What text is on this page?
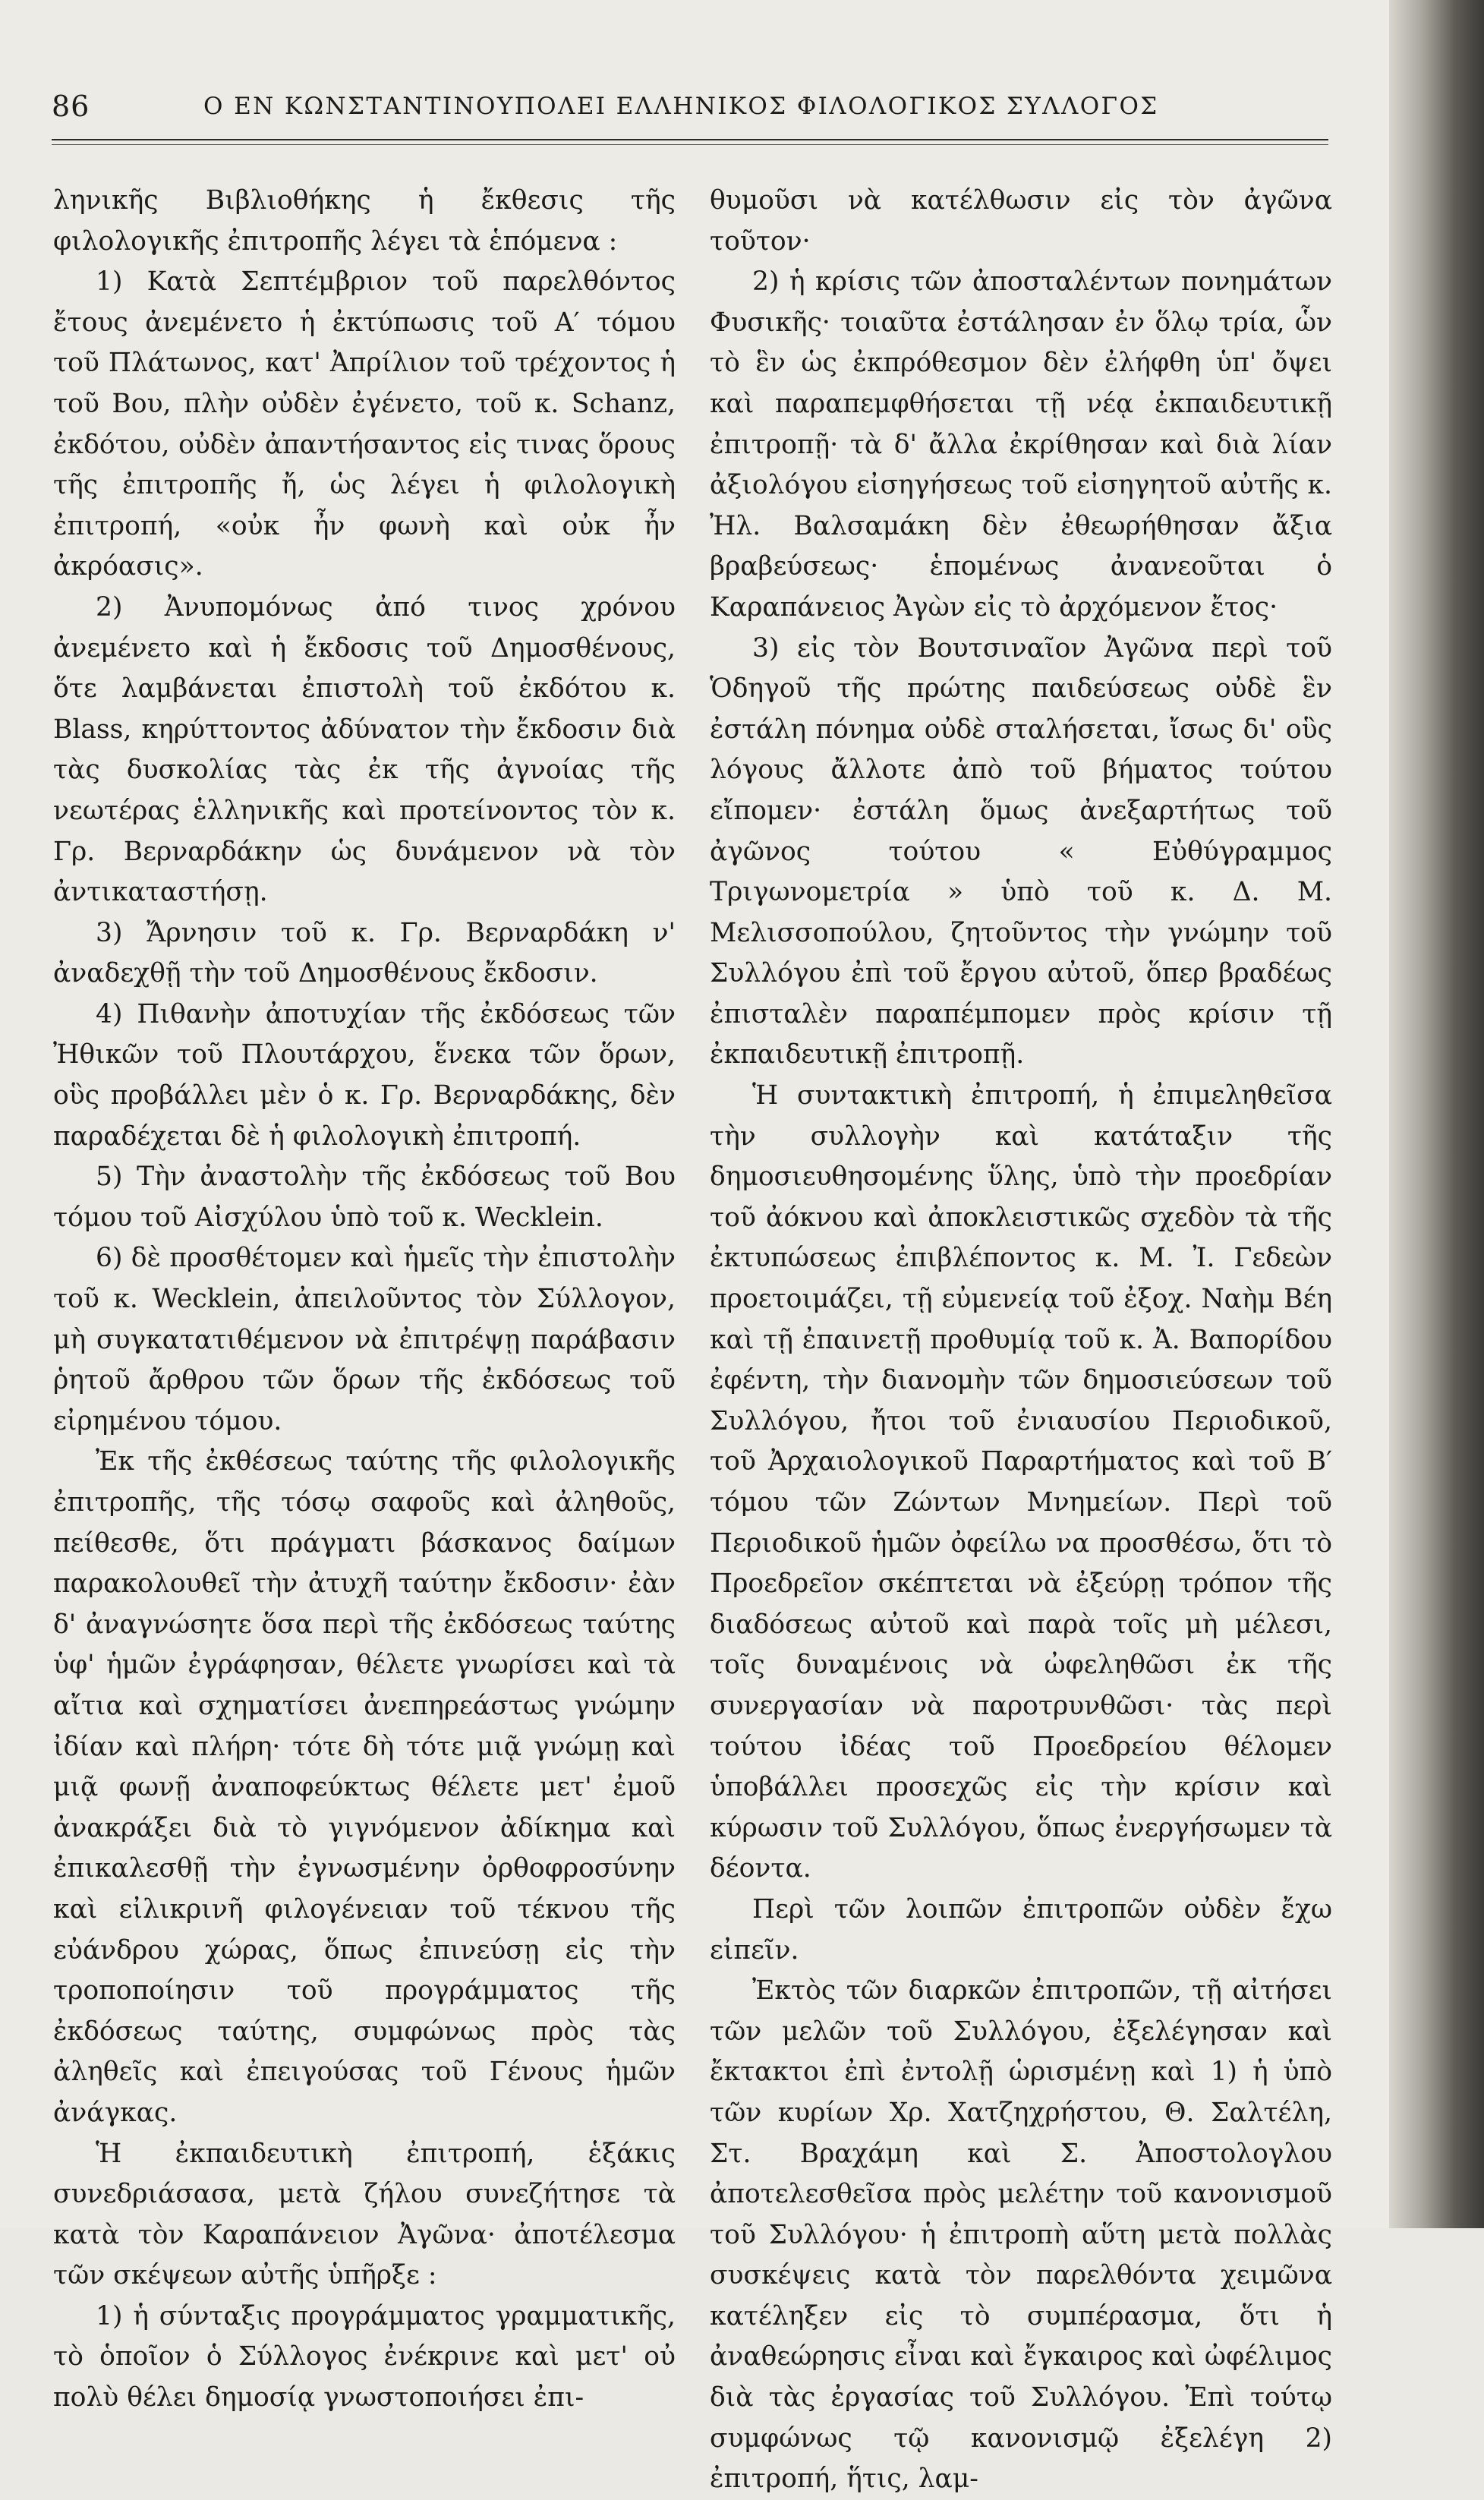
86	Ο ΕΝ ΚΩΝΣΤΑΝΤΙΝΟΥΠΟΛΕΙ ΕΛΛΗΝΙΚΟΣ ΦΙΛΟΛΟΓΙΚΟΣ ΣΥΛΛΟΓΟΣ

ληνικῆς Βιβλιοθήκης ἡ ἔκθεσις τῆς φιλολογικῆς ἐπιτροπῆς λέγει τὰ ἑπόμενα :

1) Κατὰ Σεπτέμβριον τοῦ παρελθόντος ἔτους ἀνεμένετο ἡ ἐκτύπωσις τοῦ Α′ τόμου τοῦ Πλάτωνος, κατ' Ἀπρίλιον τοῦ τρέχοντος ἡ τοῦ Βου, πλὴν οὐδὲν ἐγένετο, τοῦ κ. Schanz, ἐκδότου, οὐδὲν ἀπαντήσαντος εἰς τινας ὅρους τῆς ἐπιτροπῆς ἤ, ὡς λέγει ἡ φιλολογικὴ ἐπιτροπή, «οὐκ ἦν φωνὴ καὶ οὐκ ἦν ἀκρόασις».

2) Ἀνυπομόνως ἀπό τινος χρόνου ἀνεμένετο καὶ ἡ ἔκδοσις τοῦ Δημοσθένους, ὅτε λαμβάνεται ἐπιστολὴ τοῦ ἐκδότου κ. Blass, κηρύττοντος ἀδύνατον τὴν ἔκδοσιν διὰ τὰς δυσκολίας τὰς ἐκ τῆς ἀγνοίας τῆς νεωτέρας ἑλληνικῆς καὶ προτείνοντος τὸν κ. Γρ. Βερναρδάκην ὡς δυνάμενον νὰ τὸν ἀντικαταστήσῃ.

3) Ἄρνησιν τοῦ κ. Γρ. Βερναρδάκη ν' ἀναδεχθῇ τὴν τοῦ Δημοσθένους ἔκδοσιν.

4) Πιθανὴν ἀποτυχίαν τῆς ἐκδόσεως τῶν Ἠθικῶν τοῦ Πλουτάρχου, ἕνεκα τῶν ὅρων, οὓς προβάλλει μὲν ὁ κ. Γρ. Βερναρδάκης, δὲν παραδέχεται δὲ ἡ φιλολογικὴ ἐπιτροπή.

5) Τὴν ἀναστολὴν τῆς ἐκδόσεως τοῦ Βου τόμου τοῦ Αἰσχύλου ὑπὸ τοῦ κ. Wecklein.

6) δὲ προσθέτομεν καὶ ἡμεῖς τὴν ἐπιστολὴν τοῦ κ. Wecklein, ἀπειλοῦντος τὸν Σύλλογον, μὴ συγκατατιθέμενον νὰ ἐπιτρέψῃ παράβασιν ῥητοῦ ἄρθρου τῶν ὅρων τῆς ἐκδόσεως τοῦ εἰρημένου τόμου.

Ἐκ τῆς ἐκθέσεως ταύτης τῆς φιλολογικῆς ἐπιτροπῆς, τῆς τόσῳ σαφοῦς καὶ ἀληθοῦς, πείθεσθε, ὅτι πράγματι βάσκανος δαίμων παρακολουθεῖ τὴν ἀτυχῆ ταύτην ἔκδοσιν· ἐὰν δ' ἀναγνώσητε ὅσα περὶ τῆς ἐκδόσεως ταύτης ὑφ' ἡμῶν ἐγράφησαν, θέλετε γνωρίσει καὶ τὰ αἴτια καὶ σχηματίσει ἀνεπηρεάστως γνώμην ἰδίαν καὶ πλήρη· τότε δὴ τότε μιᾷ γνώμῃ καὶ μιᾷ φωνῇ ἀναποφεύκτως θέλετε μετ' ἐμοῦ ἀνακράξει διὰ τὸ γιγνόμενον ἀδίκημα καὶ ἐπικαλεσθῇ τὴν ἐγνωσμένην ὀρθοφροσύνην καὶ εἰλικρινῆ φιλογένειαν τοῦ τέκνου τῆς εὐάνδρου χώρας, ὅπως ἐπινεύσῃ εἰς τὴν τροποποίησιν τοῦ προγράμματος τῆς ἐκδόσεως ταύτης, συμφώνως πρὸς τὰς ἀληθεῖς καὶ ἐπειγούσας τοῦ Γένους ἡμῶν ἀνάγκας.

Ἡ ἐκπαιδευτικὴ ἐπιτροπή, ἑξάκις συνεδριάσασα, μετὰ ζήλου συνεζήτησε τὰ κατὰ τὸν Καραπάνειον Ἀγῶνα· ἀποτέλεσμα τῶν σκέψεων αὐτῆς ὑπῆρξε :

1) ἡ σύνταξις προγράμματος γραμματικῆς, τὸ ὁποῖον ὁ Σύλλογος ἐνέκρινε καὶ μετ' οὐ πολὺ θέλει δημοσίᾳ γνωστοποιήσει ἐπι-

θυμοῦσι νὰ κατέλθωσιν εἰς τὸν ἀγῶνα τοῦτον·

2) ἡ κρίσις τῶν ἀποσταλέντων πονημάτων Φυσικῆς· τοιαῦτα ἐστάλησαν ἐν ὅλῳ τρία, ὧν τὸ ἓν ὡς ἐκπρόθεσμον δὲν ἐλήφθη ὑπ' ὄψει καὶ παραπεμφθήσεται τῇ νέᾳ ἐκπαιδευτικῇ ἐπιτροπῇ· τὰ δ' ἄλλα ἐκρίθησαν καὶ διὰ λίαν ἀξιολόγου εἰσηγήσεως τοῦ εἰσηγητοῦ αὐτῆς κ. Ἠλ. Βαλσαμάκη δὲν ἐθεωρήθησαν ἄξια βραβεύσεως· ἑπομένως ἀνανεοῦται ὁ Καραπάνειος Ἀγὼν εἰς τὸ ἀρχόμενον ἔτος·

3) εἰς τὸν Βουτσιναῖον Ἀγῶνα περὶ τοῦ Ὁδηγοῦ τῆς πρώτης παιδεύσεως οὐδὲ ἓν ἐστάλη πόνημα οὐδὲ σταλήσεται, ἴσως δι' οὓς λόγους ἄλλοτε ἀπὸ τοῦ βήματος τούτου εἴπομεν· ἐστάλη ὅμως ἀνεξαρτήτως τοῦ ἀγῶνος τούτου « Εὐθύγραμμος Τριγωνομετρία » ὑπὸ τοῦ κ. Δ. Μ. Μελισσοπούλου, ζητοῦντος τὴν γνώμην τοῦ Συλλόγου ἐπὶ τοῦ ἔργου αὐτοῦ, ὅπερ βραδέως ἐπισταλὲν παραπέμπομεν πρὸς κρίσιν τῇ ἐκπαιδευτικῇ ἐπιτροπῇ.

Ἡ συντακτικὴ ἐπιτροπή, ἡ ἐπιμεληθεῖσα τὴν συλλογὴν καὶ κατάταξιν τῆς δημοσιευθησομένης ὕλης, ὑπὸ τὴν προεδρίαν τοῦ ἀόκνου καὶ ἀποκλειστικῶς σχεδὸν τὰ τῆς ἐκτυπώσεως ἐπιβλέποντος κ. Μ. Ἰ. Γεδεὼν προετοιμάζει, τῇ εὐμενείᾳ τοῦ ἐξοχ. Ναὴμ Βέη καὶ τῇ ἐπαινετῇ προθυμίᾳ τοῦ κ. Ἀ. Βαπορίδου ἐφέντη, τὴν διανομὴν τῶν δημοσιεύσεων τοῦ Συλλόγου, ἤτοι τοῦ ἐνιαυσίου Περιοδικοῦ, τοῦ Ἀρχαιολογικοῦ Παραρτήματος καὶ τοῦ Β′ τόμου τῶν Ζώντων Μνημείων. Περὶ τοῦ Περιοδικοῦ ἡμῶν ὀφείλω να προσθέσω, ὅτι τὸ Προεδρεῖον σκέπτεται νὰ ἐξεύρῃ τρόπον τῆς διαδόσεως αὐτοῦ καὶ παρὰ τοῖς μὴ μέλεσι, τοῖς δυναμένοις νὰ ὠφεληθῶσι ἐκ τῆς συνεργασίαν νὰ παροτρυνθῶσι· τὰς περὶ τούτου ἰδέας τοῦ Προεδρείου θέλομεν ὑποβάλλει προσεχῶς εἰς τὴν κρίσιν καὶ κύρωσιν τοῦ Συλλόγου, ὅπως ἐνεργήσωμεν τὰ δέοντα.

Περὶ τῶν λοιπῶν ἐπιτροπῶν οὐδὲν ἔχω εἰπεῖν.

Ἐκτὸς τῶν διαρκῶν ἐπιτροπῶν, τῇ αἰτήσει τῶν μελῶν τοῦ Συλλόγου, ἐξελέγησαν καὶ ἔκτακτοι ἐπὶ ἐντολῇ ὡρισμένῃ καὶ 1) ἡ ὑπὸ τῶν κυρίων Χρ. Χατζηχρήστου, Θ. Σαλτέλη, Στ. Βραχάμη καὶ Σ. Ἀποστολογλου ἀποτελεσθεῖσα πρὸς μελέτην τοῦ κανονισμοῦ τοῦ Συλλόγου· ἡ ἐπιτροπὴ αὕτη μετὰ πολλὰς συσκέψεις κατὰ τὸν παρελθόντα χειμῶνα κατέληξεν εἰς τὸ συμπέρασμα, ὅτι ἡ ἀναθεώρησις εἶναι καὶ ἔγκαιρος καὶ ὠφέλιμος διὰ τὰς ἐργασίας τοῦ Συλλόγου. Ἐπὶ τούτῳ συμφώνως τῷ κανονισμῷ ἐξελέγη 2) ἐπιτροπή, ἥτις, λαμ-
